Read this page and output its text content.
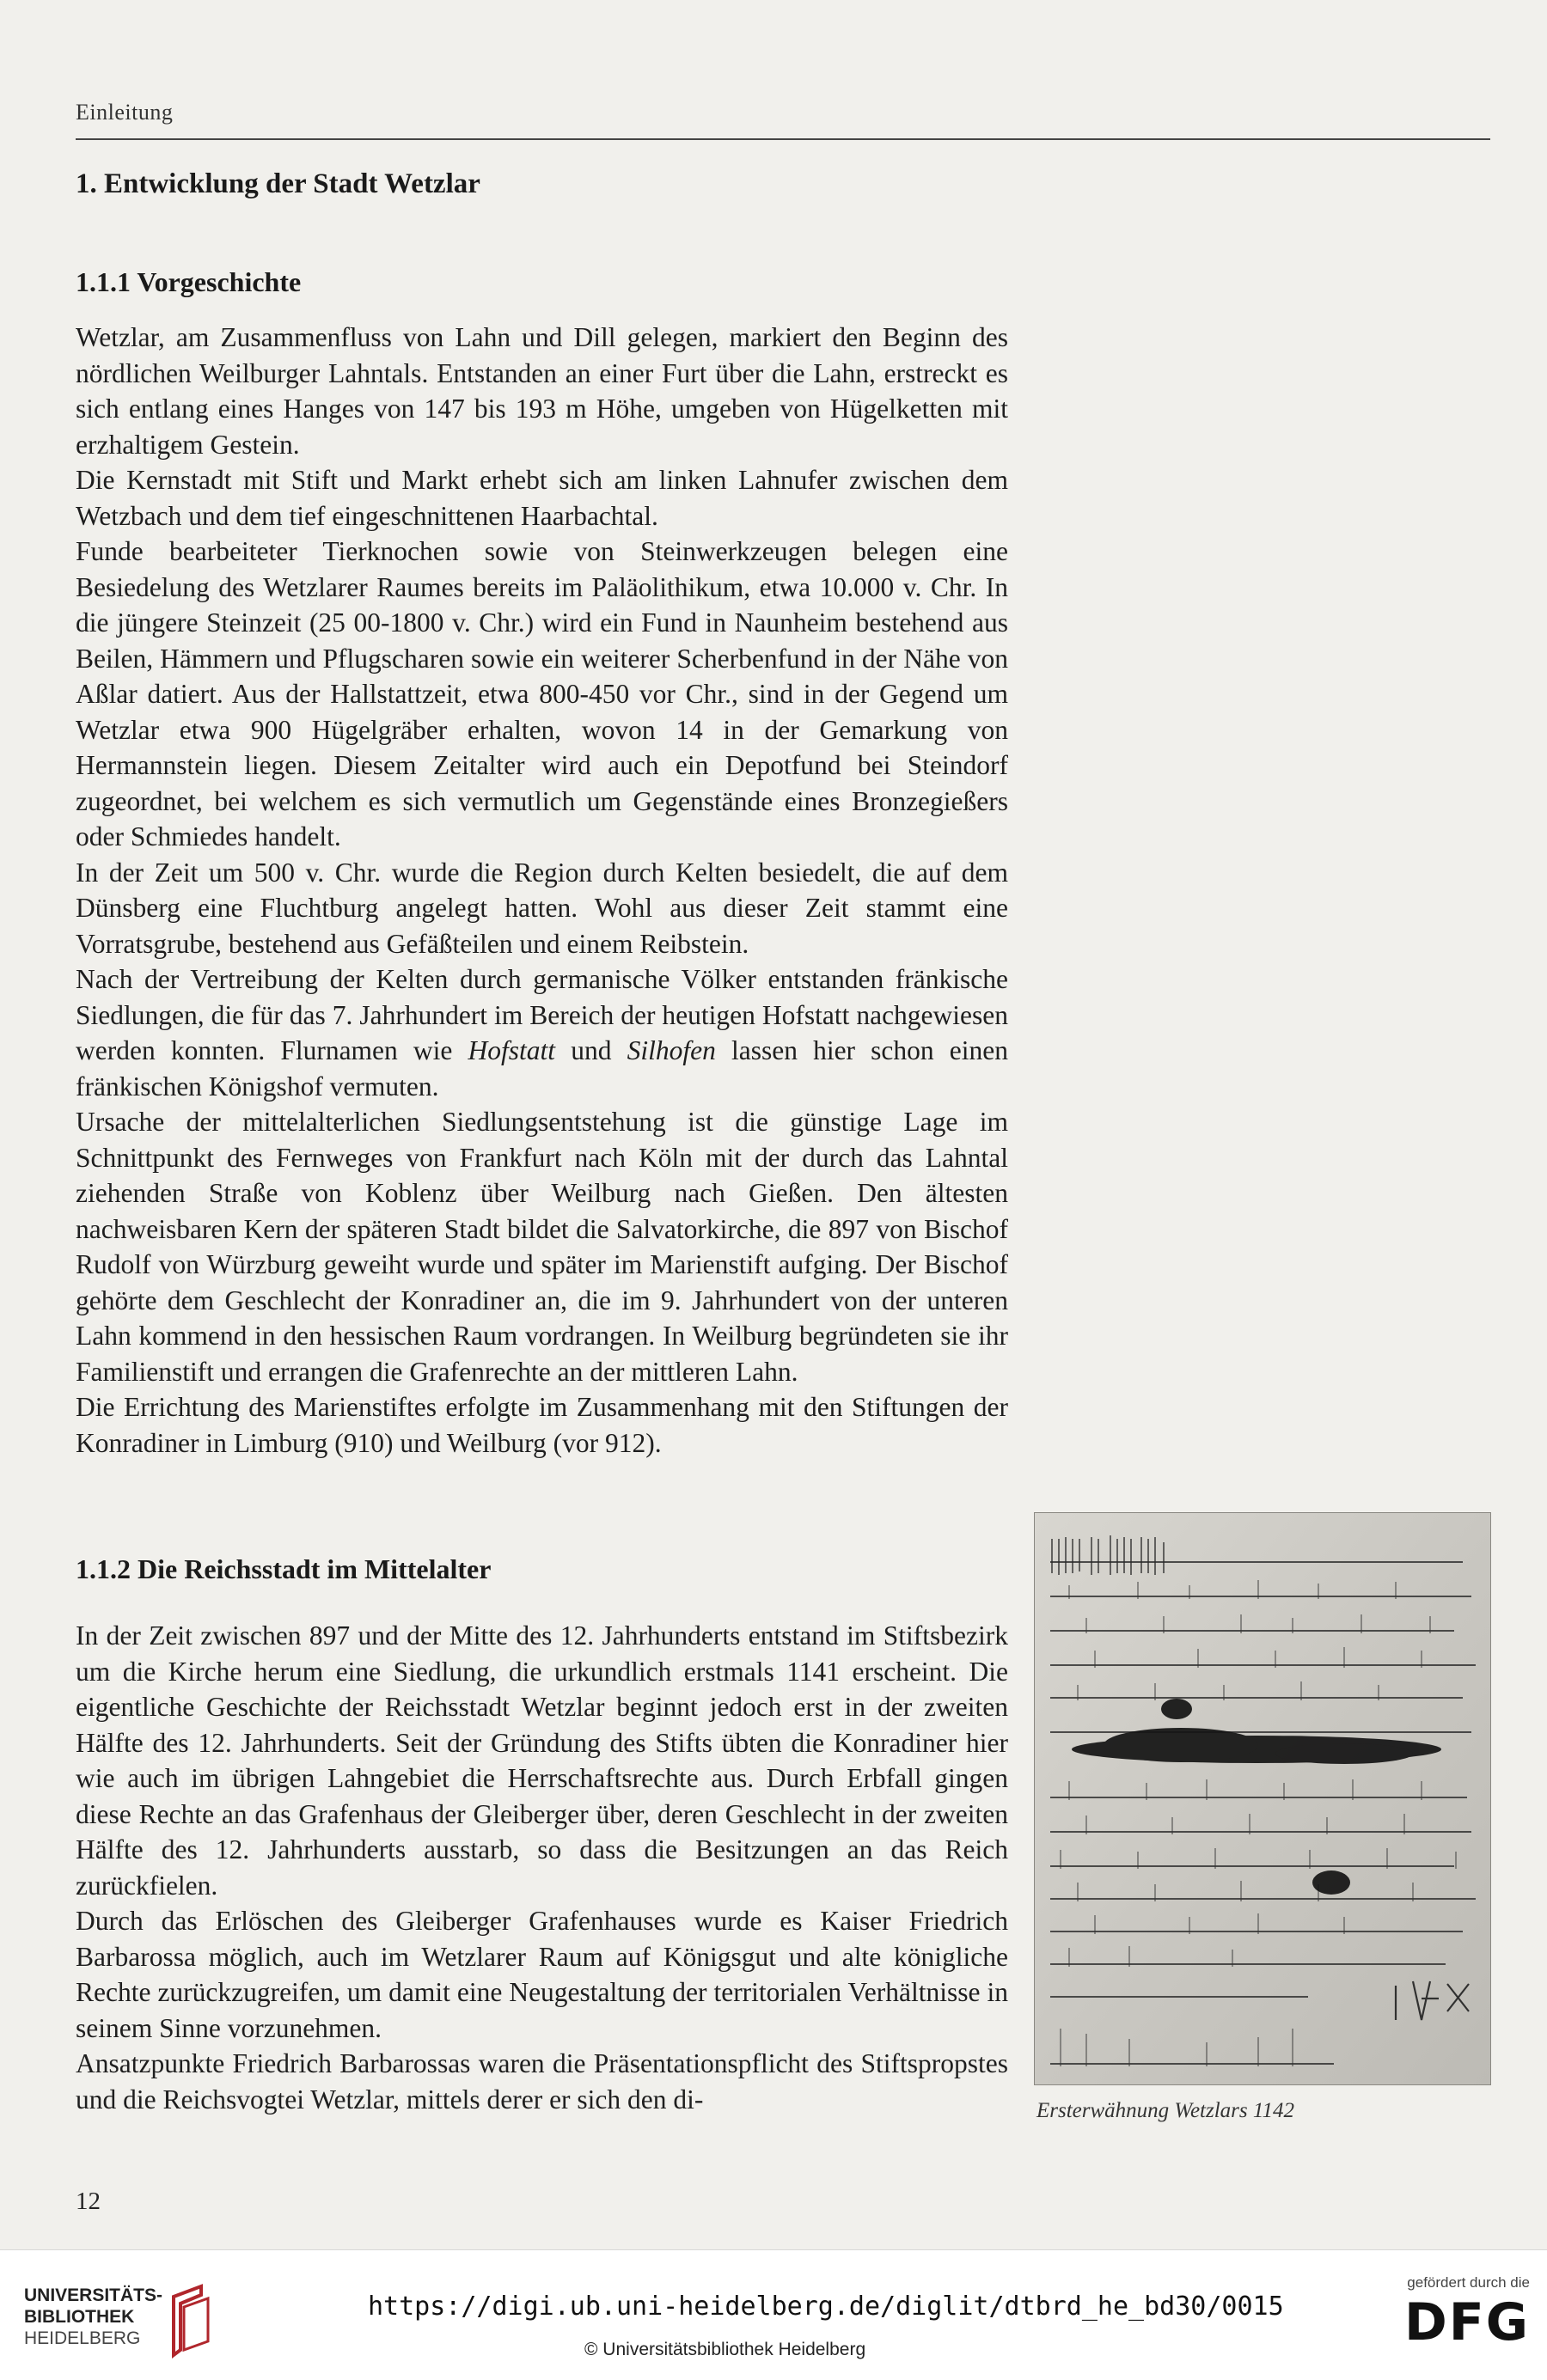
Einleitung
1. Entwicklung der Stadt Wetzlar
1.1.1 Vorgeschichte

Wetzlar, am Zusammenfluss von Lahn und Dill gelegen, markiert den Beginn des nördlichen Weilburger Lahntals. Entstanden an einer Furt über die Lahn, erstreckt es sich entlang eines Hanges von 147 bis 193 m Höhe, umgeben von Hügelketten mit erzhaltigem Gestein.

Die Kernstadt mit Stift und Markt erhebt sich am linken Lahnufer zwischen dem Wetzbach und dem tief eingeschnittenen Haarbachtal.

Funde bearbeiteter Tierknochen sowie von Steinwerkzeugen belegen eine Besiedelung des Wetzlarer Raumes bereits im Paläolithikum, etwa 10.000 v. Chr. In die jüngere Steinzeit (25 00-1800 v. Chr.) wird ein Fund in Naunheim bestehend aus Beilen, Hämmern und Pflugscharen sowie ein weiterer Scherbenfund in der Nähe von Aßlar datiert. Aus der Hallstattzeit, etwa 800-450 vor Chr., sind in der Gegend um Wetzlar etwa 900 Hügelgräber erhalten, wovon 14 in der Gemarkung von Hermannstein liegen. Diesem Zeitalter wird auch ein Depotfund bei Steindorf zugeordnet, bei welchem es sich vermutlich um Gegenstände eines Bronzegießers oder Schmiedes handelt.

In der Zeit um 500 v. Chr. wurde die Region durch Kelten besiedelt, die auf dem Dünsberg eine Fluchtburg angelegt hatten. Wohl aus dieser Zeit stammt eine Vorratsgrube, bestehend aus Gefäßteilen und einem Reibstein.

Nach der Vertreibung der Kelten durch germanische Völker entstanden fränkische Siedlungen, die für das 7. Jahrhundert im Bereich der heutigen Hofstatt nachgewiesen werden konnten. Flurnamen wie Hofstatt und Silhofen lassen hier schon einen fränkischen Königshof vermuten.

Ursache der mittelalterlichen Siedlungsentstehung ist die günstige Lage im Schnittpunkt des Fernweges von Frankfurt nach Köln mit der durch das Lahntal ziehenden Straße von Koblenz über Weilburg nach Gießen. Den ältesten nachweisbaren Kern der späteren Stadt bildet die Salvatorkirche, die 897 von Bischof Rudolf von Würzburg geweiht wurde und später im Marienstift aufging. Der Bischof gehörte dem Geschlecht der Konradiner an, die im 9. Jahrhundert von der unteren Lahn kommend in den hessischen Raum vordrangen. In Weilburg begründeten sie ihr Familienstift und errangen die Grafenrechte an der mittleren Lahn.

Die Errichtung des Marienstiftes erfolgte im Zusammenhang mit den Stiftungen der Konradiner in Limburg (910) und Weilburg (vor 912).

1.1.2 Die Reichsstadt im Mittelalter

In der Zeit zwischen 897 und der Mitte des 12. Jahrhunderts entstand im Stiftsbezirk um die Kirche herum eine Siedlung, die urkundlich erstmals 1141 erscheint. Die eigentliche Geschichte der Reichsstadt Wetzlar beginnt jedoch erst in der zweiten Hälfte des 12. Jahrhunderts. Seit der Gründung des Stifts übten die Konradiner hier wie auch im übrigen Lahngebiet die Herrschaftsrechte aus. Durch Erbfall gingen diese Rechte an das Grafenhaus der Gleiberger über, deren Geschlecht in der zweiten Hälfte des 12. Jahrhunderts ausstarb, so dass die Besitzungen an das Reich zurückfielen.

Durch das Erlöschen des Gleiberger Grafenhauses wurde es Kaiser Friedrich Barbarossa möglich, auch im Wetzlarer Raum auf Königsgut und alte königliche Rechte zurückzugreifen, um damit eine Neugestaltung der territorialen Verhältnisse in seinem Sinne vorzunehmen.

Ansatzpunkte Friedrich Barbarossas waren die Präsentationspflicht des Stiftspropstes und die Reichsvogtei Wetzlar, mittels derer er sich den di-	Ersterwähnung Wetzlars 1142
12
UNIVERSITÄTS-
BIBLIOTHEK
HEIDELBERG
https://digi.ub.uni-heidelberg.de/diglit/dtbrd_he_bd30/0015
© Universitätsbibliothek Heidelberg
gefördert durch die
DFG
